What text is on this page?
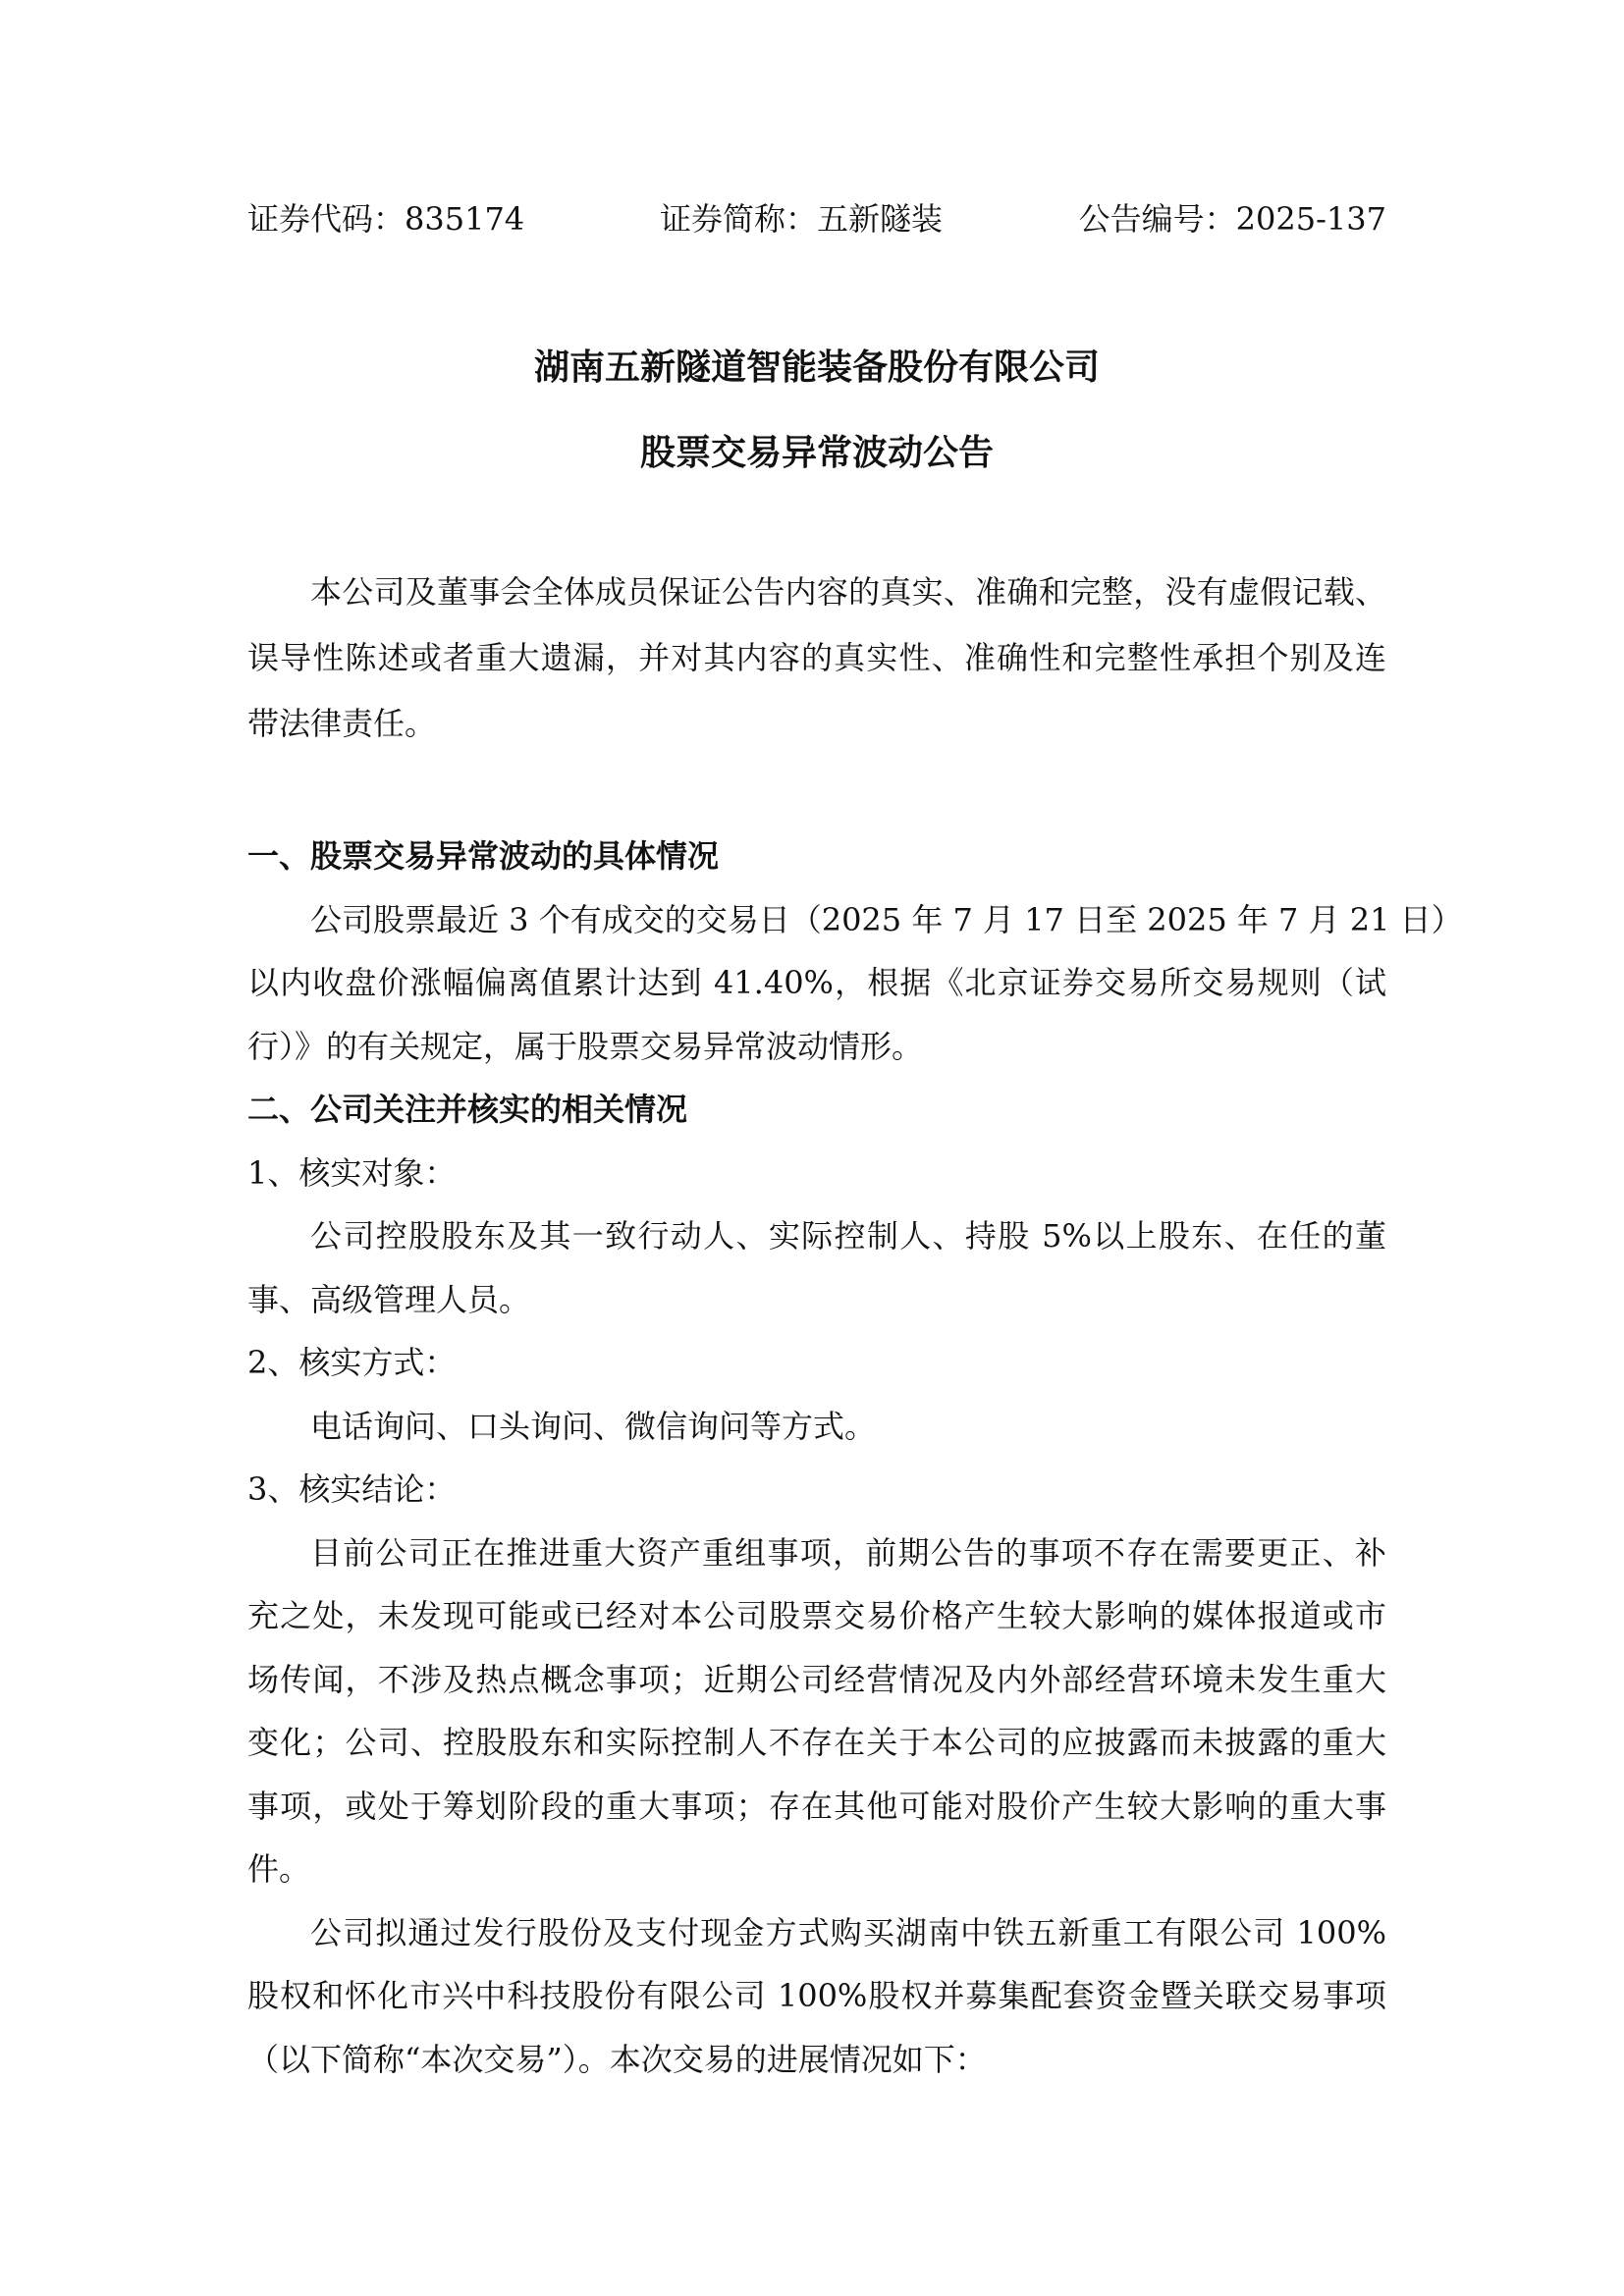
证券代码：835174	证券简称：五新隧装	公告编号：2025-137
湖南五新隧道智能装备股份有限公司
股票交易异常波动公告
本公司及董事会全体成员保证公告内容的真实、准确和完整，没有虚假记载、
误导性陈述或者重大遗漏，并对其内容的真实性、准确性和完整性承担个别及连
带法律责任。
一、股票交易异常波动的具体情况
公司股票最近 3 个有成交的交易日（2025 年 7 月 17 日至 2025 年 7 月 21 日）
以内收盘价涨幅偏离值累计达到 41.40%，根据《北京证券交易所交易规则（试
行）》的有关规定，属于股票交易异常波动情形。
二、公司关注并核实的相关情况
1、核实对象：
公司控股股东及其一致行动人、实际控制人、持股 5%以上股东、在任的董
事、高级管理人员。
2、核实方式：
电话询问、口头询问、微信询问等方式。
3、核实结论：
目前公司正在推进重大资产重组事项，前期公告的事项不存在需要更正、补
充之处，未发现可能或已经对本公司股票交易价格产生较大影响的媒体报道或市
场传闻，不涉及热点概念事项；近期公司经营情况及内外部经营环境未发生重大
变化；公司、控股股东和实际控制人不存在关于本公司的应披露而未披露的重大
事项，或处于筹划阶段的重大事项；存在其他可能对股价产生较大影响的重大事
件。
公司拟通过发行股份及支付现金方式购买湖南中铁五新重工有限公司 100%
股权和怀化市兴中科技股份有限公司 100%股权并募集配套资金暨关联交易事项
（以下简称“本次交易”）。本次交易的进展情况如下：
